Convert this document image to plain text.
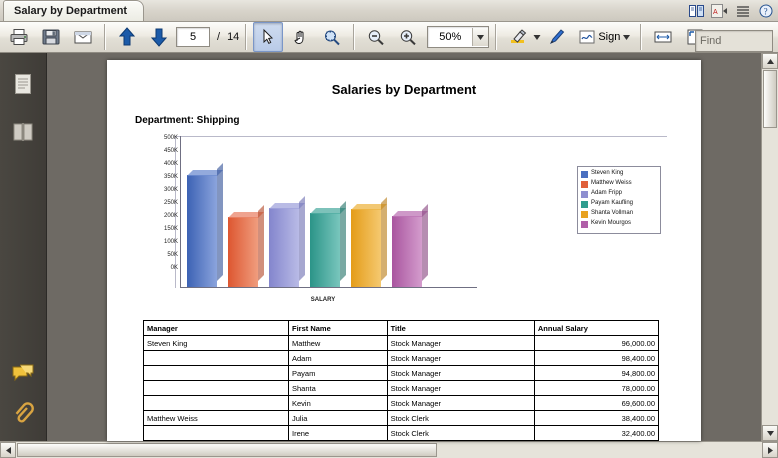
Salary by Department	A	?
5	/ 14	50%	Sign	Find
Salaries by Department
Department: Shipping
500K
450K
400K
350K
300K
250K
200K
150K
100K
50K
0K
SALARY
Steven King
Matthew Weiss
Adam Fripp
Payam Kaufling
Shanta Vollman
Kevin Mourgos
Manager	First Name	Title	Annual Salary
Steven King	Matthew	Stock Manager	96,000.00
	Adam	Stock Manager	98,400.00
	Payam	Stock Manager	94,800.00
	Shanta	Stock Manager	78,000.00
	Kevin	Stock Manager	69,600.00
Matthew Weiss	Julia	Stock Clerk	38,400.00
	Irene	Stock Clerk	32,400.00
